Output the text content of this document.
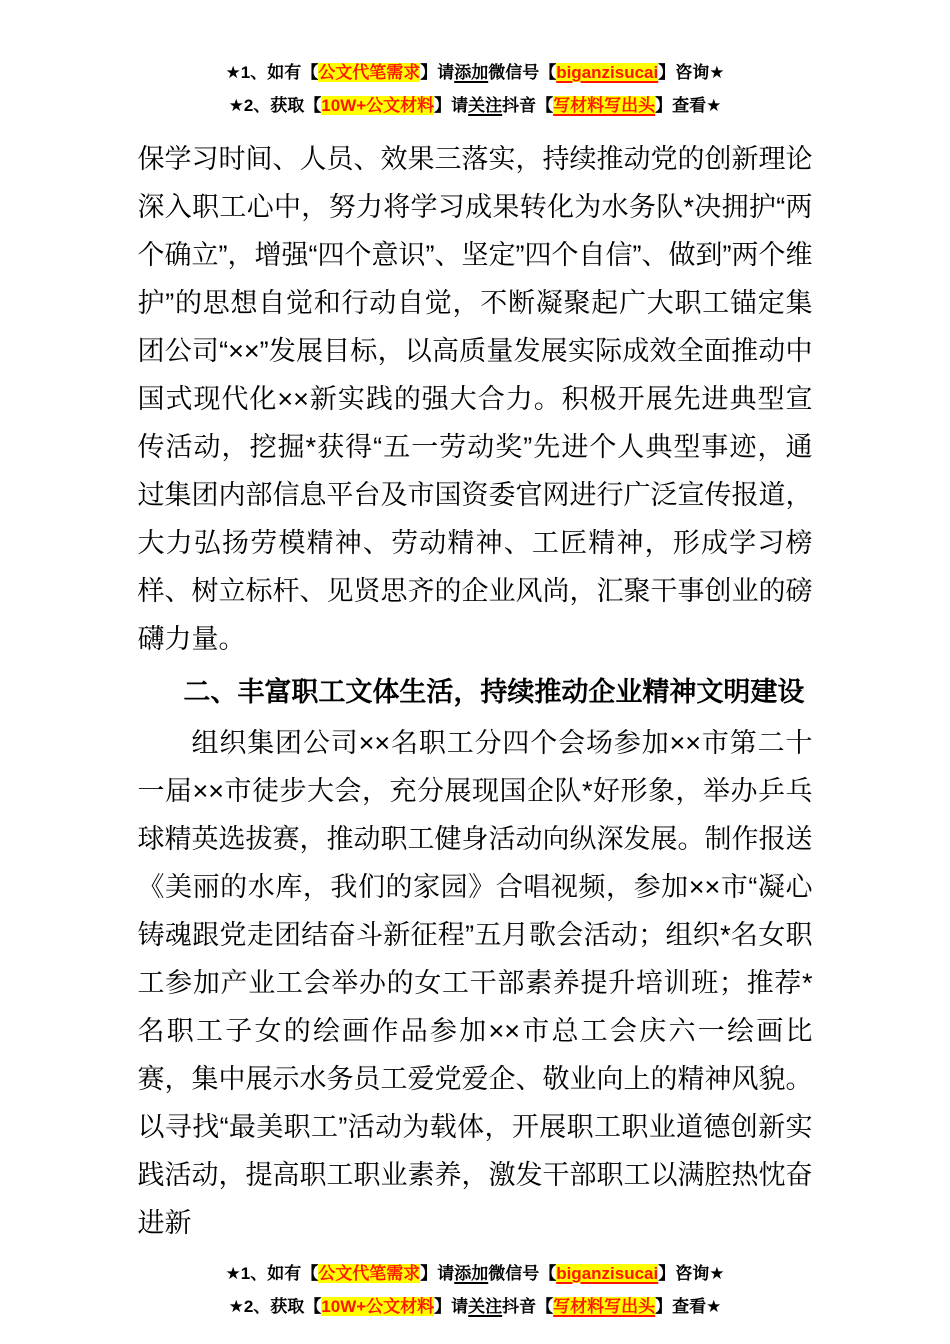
★1、如有【公文代笔需求】请添加微信号【biganzisucai】咨询★
★2、获取【10W+公文材料】请关注抖音【写材料写出头】查看★

保学习时间、人员、效果三落实，持续推动党的创新理论深入职工心中，努力将学习成果转化为水务队*决拥护“两个确立”，增强“四个意识”、坚定”四个自信”、做到”两个维护”的思想自觉和行动自觉，不断凝聚起广大职工锚定集团公司“××”发展目标，以高质量发展实际成效全面推动中国式现代化××新实践的强大合力。积极开展先进典型宣传活动，挖掘*获得“五一劳动奖”先进个人典型事迹，通过集团内部信息平台及市国资委官网进行广泛宣传报道，大力弘扬劳模精神、劳动精神、工匠精神，形成学习榜样、树立标杆、见贤思齐的企业风尚，汇聚干事创业的磅礴力量。

二、丰富职工文体生活，持续推动企业精神文明建设

组织集团公司××名职工分四个会场参加××市第二十一届××市徒步大会，充分展现国企队*好形象，举办乒乓球精英选拔赛，推动职工健身活动向纵深发展。制作报送《美丽的水库，我们的家园》合唱视频，参加××市“凝心铸魂跟党走团结奋斗新征程”五月歌会活动；组织*名女职工参加产业工会举办的女工干部素养提升培训班；推荐*名职工子女的绘画作品参加××市总工会庆六一绘画比赛，集中展示水务员工爱党爱企、敬业向上的精神风貌。以寻找“最美职工”活动为载体，开展职工职业道德创新实践活动，提高职工职业素养，激发干部职工以满腔热忱奋进新

★1、如有【公文代笔需求】请添加微信号【biganzisucai】咨询★
★2、获取【10W+公文材料】请关注抖音【写材料写出头】查看★
